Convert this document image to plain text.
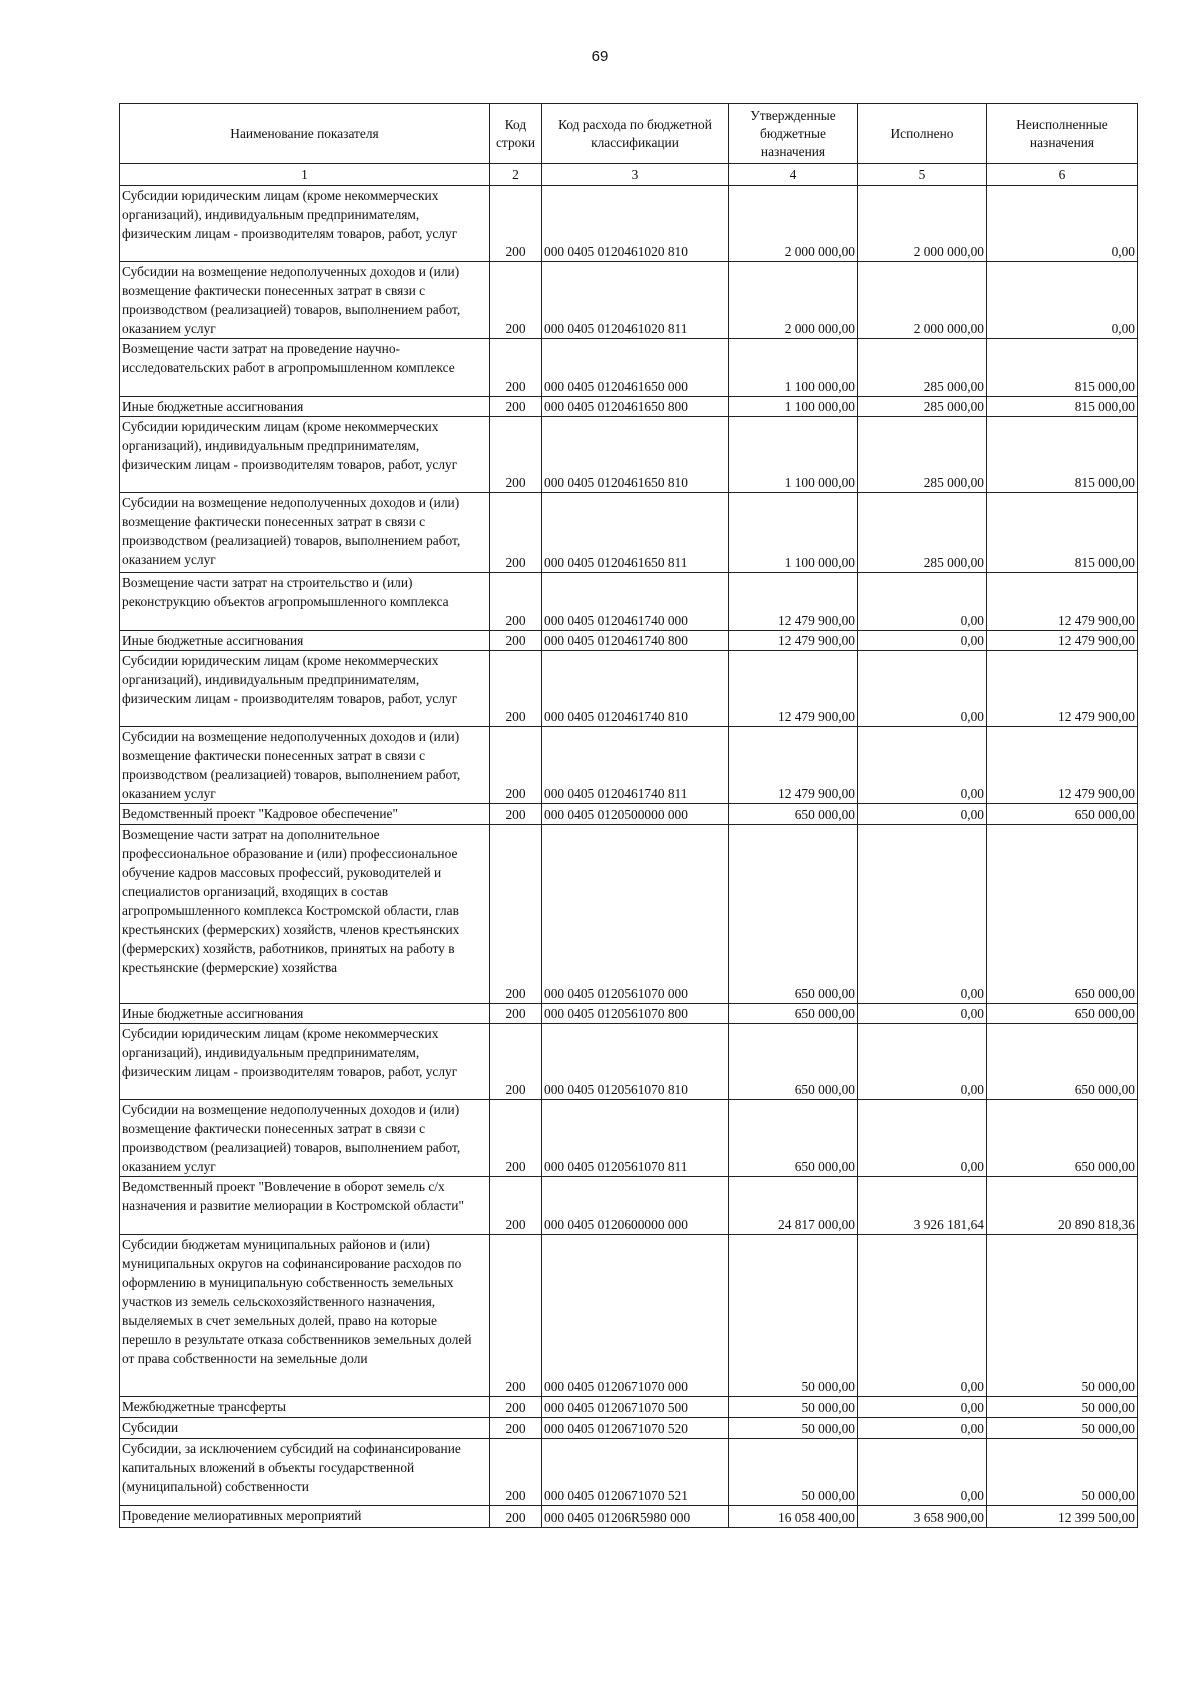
69
Наименование показателя	Код строки	Код расхода по бюджетной классификации	Утвержденные бюджетные назначения	Исполнено	Неисполненные назначения
1	2	3	4	5	6
Субсидии юридическим лицам (кроме некоммерческих организаций), индивидуальным предпринимателям, физическим лицам - производителям товаров, работ, услуг	200	000 0405 0120461020 810	2 000 000,00	2 000 000,00	0,00
Субсидии на возмещение недополученных доходов и (или) возмещение фактически понесенных затрат в связи с производством (реализацией) товаров, выполнением работ, оказанием услуг	200	000 0405 0120461020 811	2 000 000,00	2 000 000,00	0,00
Возмещение части затрат на проведение научно-исследовательских работ в агропромышленном комплексе	200	000 0405 0120461650 000	1 100 000,00	285 000,00	815 000,00
Иные бюджетные ассигнования	200	000 0405 0120461650 800	1 100 000,00	285 000,00	815 000,00
Субсидии юридическим лицам (кроме некоммерческих организаций), индивидуальным предпринимателям, физическим лицам - производителям товаров, работ, услуг	200	000 0405 0120461650 810	1 100 000,00	285 000,00	815 000,00
Субсидии на возмещение недополученных доходов и (или) возмещение фактически понесенных затрат в связи с производством (реализацией) товаров, выполнением работ, оказанием услуг	200	000 0405 0120461650 811	1 100 000,00	285 000,00	815 000,00
Возмещение части затрат на строительство и (или) реконструкцию объектов агропромышленного комплекса	200	000 0405 0120461740 000	12 479 900,00	0,00	12 479 900,00
Иные бюджетные ассигнования	200	000 0405 0120461740 800	12 479 900,00	0,00	12 479 900,00
Субсидии юридическим лицам (кроме некоммерческих организаций), индивидуальным предпринимателям, физическим лицам - производителям товаров, работ, услуг	200	000 0405 0120461740 810	12 479 900,00	0,00	12 479 900,00
Субсидии на возмещение недополученных доходов и (или) возмещение фактически понесенных затрат в связи с производством (реализацией) товаров, выполнением работ, оказанием услуг	200	000 0405 0120461740 811	12 479 900,00	0,00	12 479 900,00
Ведомственный проект "Кадровое обеспечение"	200	000 0405 0120500000 000	650 000,00	0,00	650 000,00
Возмещение части затрат на дополнительное профессиональное образование и (или) профессиональное обучение кадров массовых профессий, руководителей и специалистов организаций, входящих в состав агропромышленного комплекса Костромской области, глав крестьянских (фермерских) хозяйств, членов крестьянских (фермерских) хозяйств, работников, принятых на работу в крестьянские (фермерские) хозяйства	200	000 0405 0120561070 000	650 000,00	0,00	650 000,00
Иные бюджетные ассигнования	200	000 0405 0120561070 800	650 000,00	0,00	650 000,00
Субсидии юридическим лицам (кроме некоммерческих организаций), индивидуальным предпринимателям, физическим лицам - производителям товаров, работ, услуг	200	000 0405 0120561070 810	650 000,00	0,00	650 000,00
Субсидии на возмещение недополученных доходов и (или) возмещение фактически понесенных затрат в связи с производством (реализацией) товаров, выполнением работ, оказанием услуг	200	000 0405 0120561070 811	650 000,00	0,00	650 000,00
Ведомственный проект "Вовлечение в оборот земель с/х назначения и развитие мелиорации в Костромской области"	200	000 0405 0120600000 000	24 817 000,00	3 926 181,64	20 890 818,36
Субсидии бюджетам муниципальных районов и (или) муниципальных округов на софинансирование расходов по оформлению в муниципальную собственность земельных участков из земель сельскохозяйственного назначения, выделяемых в счет земельных долей, право на которые перешло в результате отказа собственников земельных долей от права собственности на земельные доли	200	000 0405 0120671070 000	50 000,00	0,00	50 000,00
Межбюджетные трансферты	200	000 0405 0120671070 500	50 000,00	0,00	50 000,00
Субсидии	200	000 0405 0120671070 520	50 000,00	0,00	50 000,00
Субсидии, за исключением субсидий на софинансирование капитальных вложений в объекты государственной (муниципальной) собственности	200	000 0405 0120671070 521	50 000,00	0,00	50 000,00
Проведение мелиоративных мероприятий	200	000 0405 01206R5980 000	16 058 400,00	3 658 900,00	12 399 500,00
